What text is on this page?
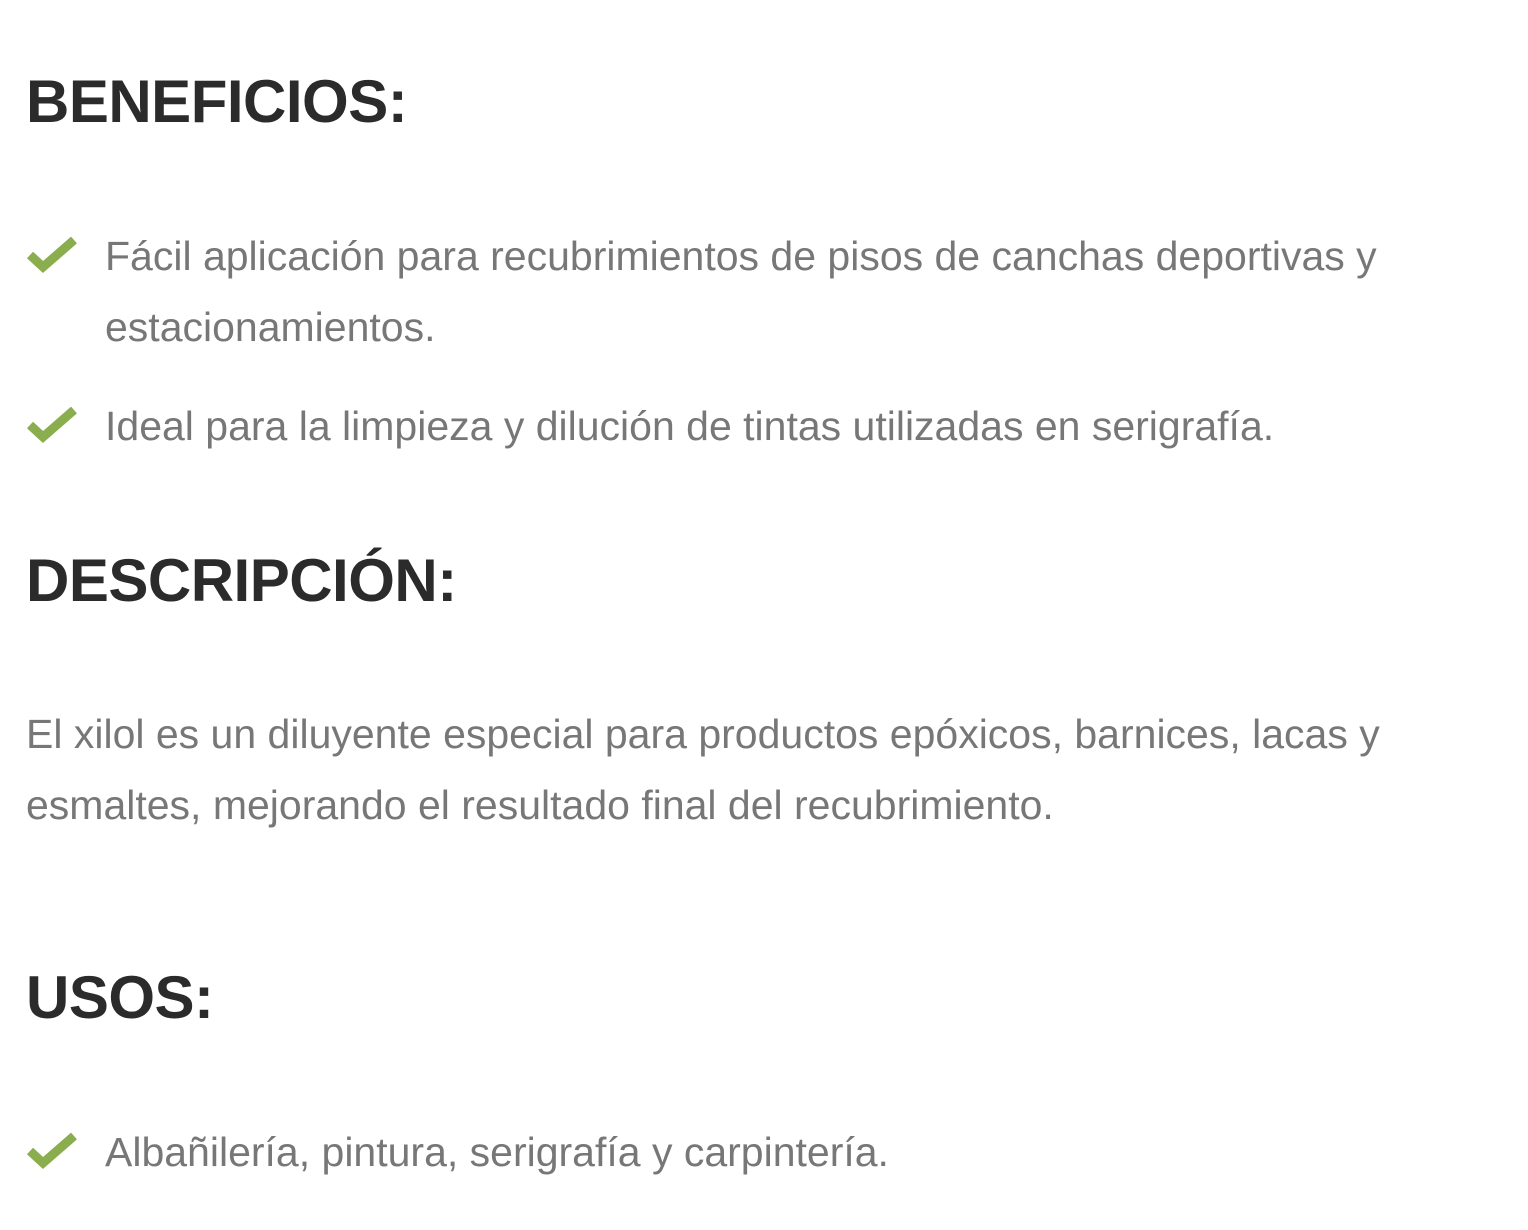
BENEFICIOS:
Fácil aplicación para recubrimientos de pisos de canchas deportivas y estacionamientos.
Ideal para la limpieza y dilución de tintas utilizadas en serigrafía.
DESCRIPCIÓN:

El xilol es un diluyente especial para productos epóxicos, barnices, lacas y esmaltes, mejorando el resultado final del recubrimiento.

USOS:
Albañilería, pintura, serigrafía y carpintería.
